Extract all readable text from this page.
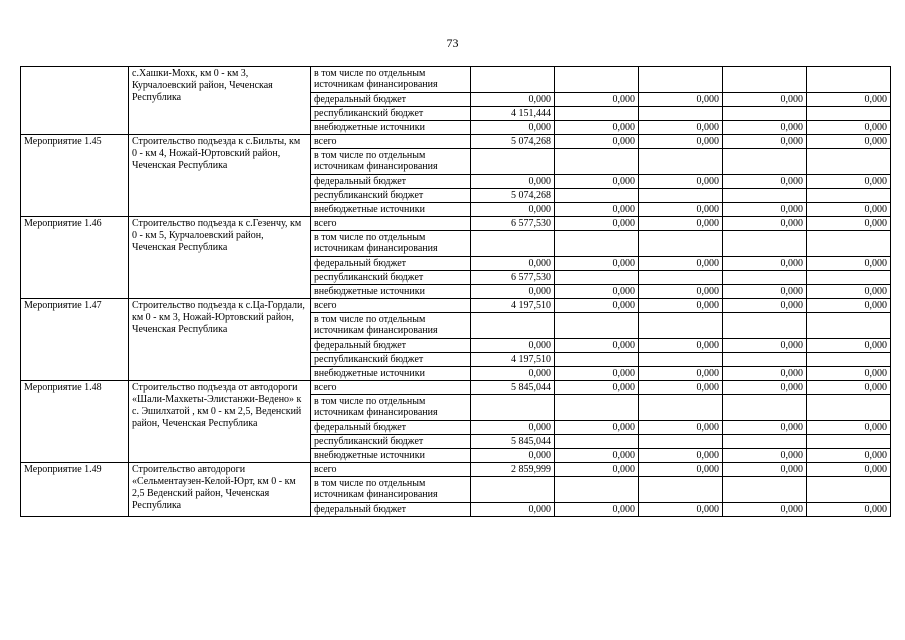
73
	с.Хашки-Мохк, км 0 - км 3, Курчалоевский район, Чеченская Республика	в том числе по отдельным источникам финансирования					
		федеральный бюджет	0,000	0,000	0,000	0,000	0,000
		республиканский бюджет	4 151,444				
		внебюджетные источники	0,000	0,000	0,000	0,000	0,000
Мероприятие 1.45	Строительство подъезда к с.Бильты, км 0 - км 4, Ножай-Юртовский район, Чеченская Республика	всего	5 074,268	0,000	0,000	0,000	0,000
		в том числе по отдельным источникам финансирования					
		федеральный бюджет	0,000	0,000	0,000	0,000	0,000
		республиканский бюджет	5 074,268				
		внебюджетные источники	0,000	0,000	0,000	0,000	0,000
Мероприятие 1.46	Строительство подъезда к с.Гезенчу, км 0 - км 5, Курчалоевский район, Чеченская Республика	всего	6 577,530	0,000	0,000	0,000	0,000
		в том числе по отдельным источникам финансирования					
		федеральный бюджет	0,000	0,000	0,000	0,000	0,000
		республиканский бюджет	6 577,530				
		внебюджетные источники	0,000	0,000	0,000	0,000	0,000
Мероприятие 1.47	Строительство подъезда к с.Ца-Гордали, км 0 - км 3, Ножай-Юртовский район, Чеченская Республика	всего	4 197,510	0,000	0,000	0,000	0,000
		в том числе по отдельным источникам финансирования					
		федеральный бюджет	0,000	0,000	0,000	0,000	0,000
		республиканский бюджет	4 197,510				
		внебюджетные источники	0,000	0,000	0,000	0,000	0,000
Мероприятие 1.48	Строительство подъезда от автодороги «Шали-Махкеты-Элистанжи-Ведено» к с. Эшилхатой , км 0 - км 2,5, Веденский район, Чеченская Республика	всего	5 845,044	0,000	0,000	0,000	0,000
		в том числе по отдельным источникам финансирования					
		федеральный бюджет	0,000	0,000	0,000	0,000	0,000
		республиканский бюджет	5 845,044				
		внебюджетные источники	0,000	0,000	0,000	0,000	0,000
Мероприятие 1.49	Строительство автодороги «Сельментаузен-Келой-Юрт, км 0 - км 2,5 Веденский район, Чеченская Республика	всего	2 859,999	0,000	0,000	0,000	0,000
		в том числе по отдельным источникам финансирования					
		федеральный бюджет	0,000	0,000	0,000	0,000	0,000
